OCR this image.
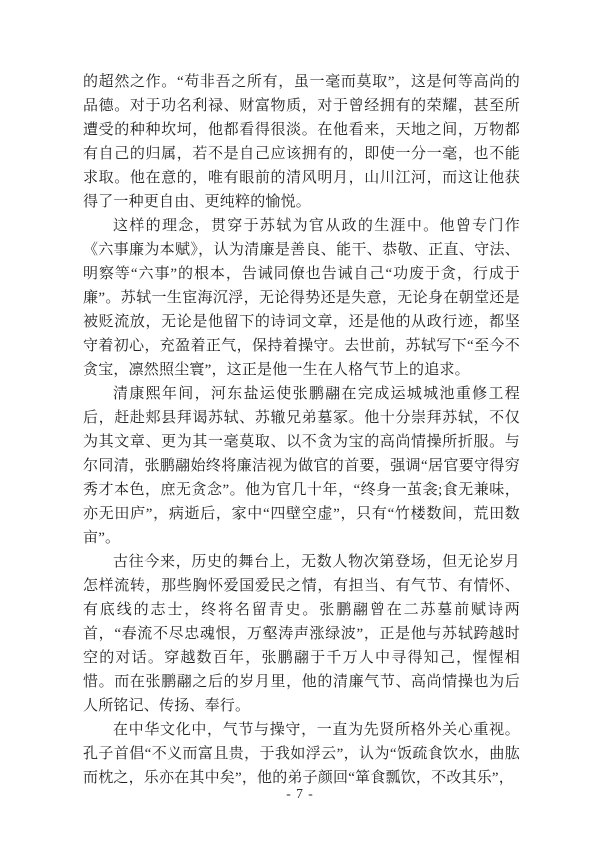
的超然之作。“苟非吾之所有，虽一毫而莫取”，这是何等高尚的品德。对于功名利禄、财富物质，对于曾经拥有的荣耀，甚至所遭受的种种坎坷，他都看得很淡。在他看来，天地之间，万物都有自己的归属，若不是自己应该拥有的，即使一分一毫，也不能求取。他在意的，唯有眼前的清风明月，山川江河，而这让他获得了一种更自由、更纯粹的愉悦。

这样的理念，贯穿于苏轼为官从政的生涯中。他曾专门作《六事廉为本赋》，认为清廉是善良、能干、恭敬、正直、守法、明察等“六事”的根本，告诫同僚也告诫自己“功废于贪，行成于廉”。苏轼一生宦海沉浮，无论得势还是失意，无论身在朝堂还是被贬流放，无论是他留下的诗词文章，还是他的从政行迹，都坚守着初心，充盈着正气，保持着操守。去世前，苏轼写下“至今不贪宝，凛然照尘寰”，这正是他一生在人格气节上的追求。

清康熙年间，河东盐运使张鹏翮在完成运城城池重修工程后，赶赴郏县拜谒苏轼、苏辙兄弟墓冢。他十分崇拜苏轼，不仅为其文章、更为其一毫莫取、以不贪为宝的高尚情操所折服。与尔同清，张鹏翮始终将廉洁视为做官的首要，强调“居官要守得穷秀才本色，庶无贪念”。他为官几十年，“终身一茧衾;食无兼味，亦无田庐”，病逝后，家中“四壁空虚”，只有“竹楼数间，荒田数亩”。

古往今来，历史的舞台上，无数人物次第登场，但无论岁月怎样流转，那些胸怀爱国爱民之情，有担当、有气节、有情怀、有底线的志士，终将名留青史。张鹏翮曾在二苏墓前赋诗两首，“春流不尽忠魂恨，万壑涛声涨绿波”，正是他与苏轼跨越时空的对话。穿越数百年，张鹏翮于千万人中寻得知己，惺惺相惜。而在张鹏翮之后的岁月里，他的清廉气节、高尚情操也为后人所铭记、传扬、奉行。

在中华文化中，气节与操守，一直为先贤所格外关心重视。孔子首倡“不义而富且贵，于我如浮云”，认为“饭疏食饮水，曲肱而枕之，乐亦在其中矣”，他的弟子颜回“箪食瓢饮，不改其乐”，

- 7 -
